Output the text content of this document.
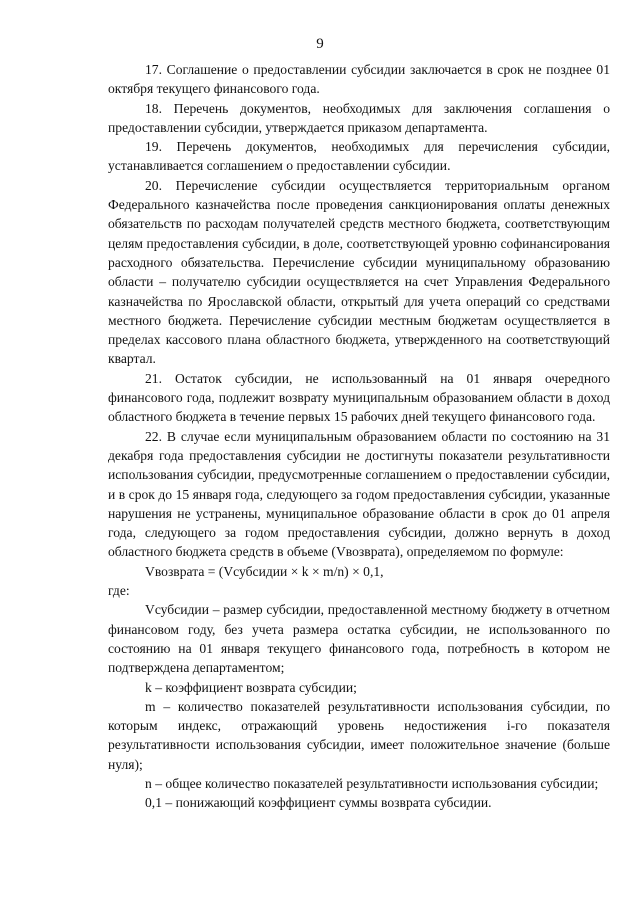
9

17. Соглашение о предоставлении субсидии заключается в срок не позднее 01 октября текущего финансового года.

18. Перечень документов, необходимых для заключения соглашения о предоставлении субсидии, утверждается приказом департамента.

19. Перечень документов, необходимых для перечисления субсидии, устанавливается соглашением о предоставлении субсидии.

20. Перечисление субсидии осуществляется территориальным органом Федерального казначейства после проведения санкционирования оплаты денежных обязательств по расходам получателей средств местного бюджета, соответствующим целям предоставления субсидии, в доле, соответствующей уровню софинансирования расходного обязательства. Перечисление субсидии муниципальному образованию области – получателю субсидии осуществляется на счет Управления Федерального казначейства по Ярославской области, открытый для учета операций со средствами местного бюджета. Перечисление субсидии местным бюджетам осуществляется в пределах кассового плана областного бюджета, утвержденного на соответствующий квартал.

21. Остаток субсидии, не использованный на 01 января очередного финансового года, подлежит возврату муниципальным образованием области в доход областного бюджета в течение первых 15 рабочих дней текущего финансового года.

22. В случае если муниципальным образованием области по состоянию на 31 декабря года предоставления субсидии не достигнуты показатели результативности использования субсидии, предусмотренные соглашением о предоставлении субсидии, и в срок до 15 января года, следующего за годом предоставления субсидии, указанные нарушения не устранены, муниципальное образование области в срок до 01 апреля года, следующего за годом предоставления субсидии, должно вернуть в доход областного бюджета средств в объеме (Vвозврата), определяемом по формуле:

Vвозврата = (Vсубсидии × k × m/n) × 0,1,

где:

Vсубсидии – размер субсидии, предоставленной местному бюджету в отчетном финансовом году, без учета размера остатка субсидии, не использованного по состоянию на 01 января текущего финансового года, потребность в котором не подтверждена департаментом;

k – коэффициент возврата субсидии;

m – количество показателей результативности использования субсидии, по которым индекс, отражающий уровень недостижения i-го показателя результативности использования субсидии, имеет положительное значение (больше нуля);

n – общее количество показателей результативности использования субсидии;

0,1 – понижающий коэффициент суммы возврата субсидии.
